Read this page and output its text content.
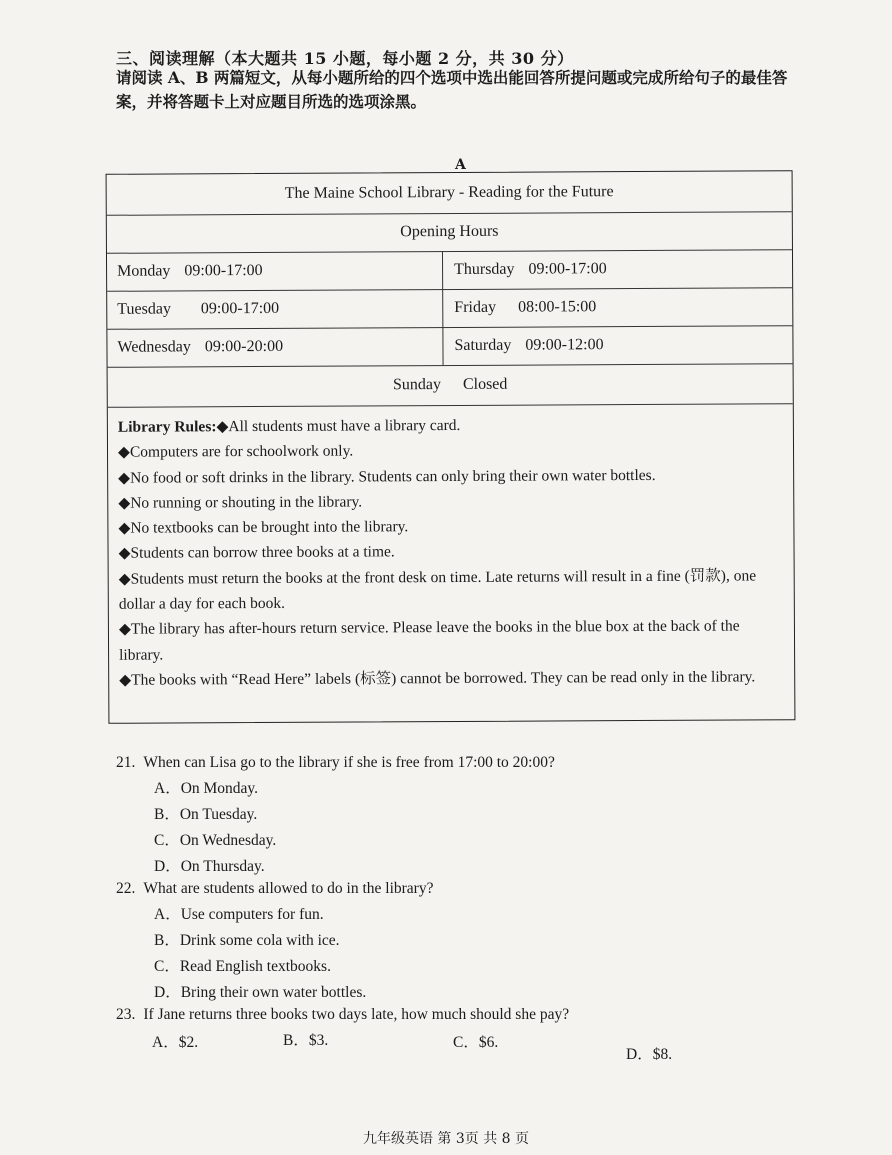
三、阅读理解（本大题共 15 小题，每小题 2 分，共 30 分）
请阅读 A、B 两篇短文，从每小题所给的四个选项中选出能回答所提问题或完成所给句子的最佳答案，并将答题卡上对应题目所选的选项涂黑。
A
The Maine School Library - Reading for the Future
Opening Hours
Monday 09:00-17:00	Thursday 09:00-17:00
Tuesday 09:00-17:00	Friday 08:00-15:00
Wednesday 09:00-20:00	Saturday 09:00-12:00
Sunday Closed
Library Rules:◆All students must have a library card.
◆Computers are for schoolwork only.
◆No food or soft drinks in the library. Students can only bring their own water bottles.
◆No running or shouting in the library.
◆No textbooks can be brought into the library.
◆Students can borrow three books at a time.
◆Students must return the books at the front desk on time. Late returns will result in a fine (罚款), one dollar a day for each book.
◆The library has after-hours return service. Please leave the books in the blue box at the back of the library.
◆The books with “Read Here” labels (标签) cannot be borrowed. They can be read only in the library.
21. When can Lisa go to the library if she is free from 17:00 to 20:00?
A．On Monday.
B．On Tuesday.
C．On Wednesday.
D．On Thursday.
22. What are students allowed to do in the library?
A．Use computers for fun.
B．Drink some cola with ice.
C．Read English textbooks.
D．Bring their own water bottles.
23. If Jane returns three books two days late, how much should she pay?
A．$2.	B．$3.	C．$6.
D．$8.
九年级英语 第 3页 共 8 页
